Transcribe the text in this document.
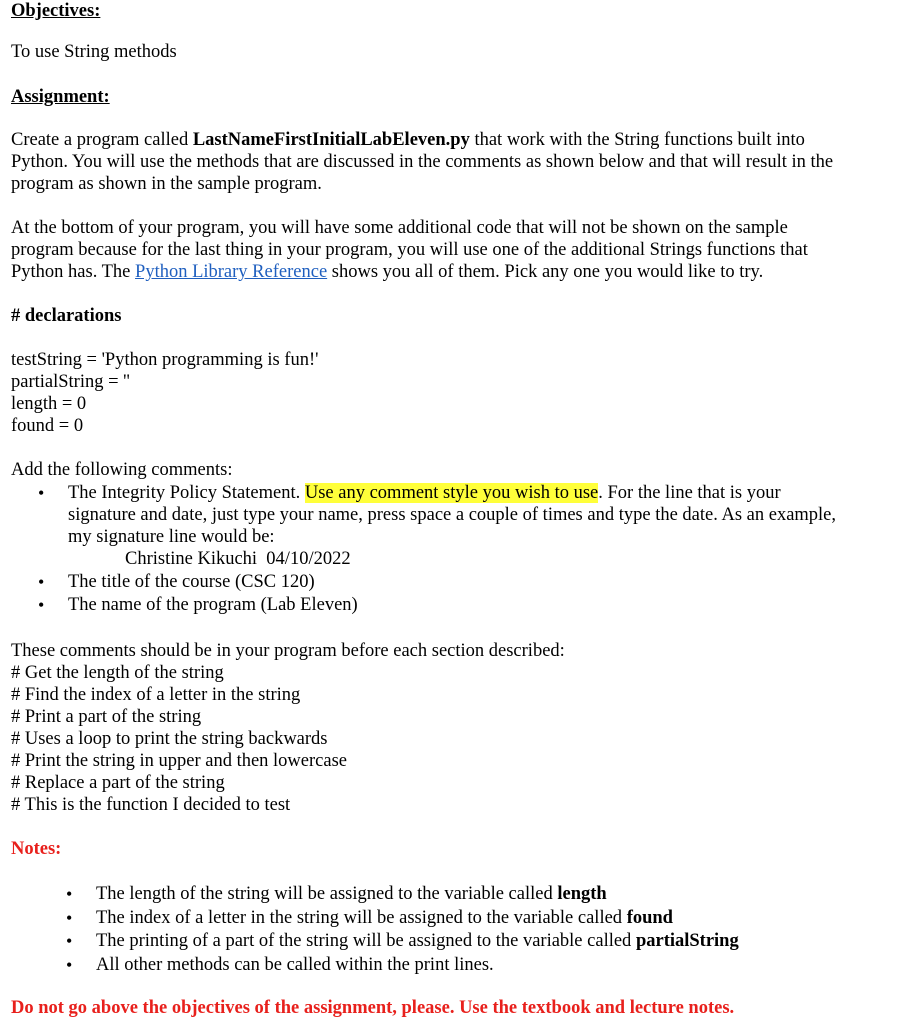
Objectives:

To use String methods

Assignment:
Create a program called LastNameFirstInitialLabEleven.py that work with the String functions built into
Python. You will use the methods that are discussed in the comments as shown below and that will result in the
program as shown in the sample program.
At the bottom of your program, you will have some additional code that will not be shown on the sample
program because for the last thing in your program, you will use one of the additional Strings functions that
Python has. The Python Library Reference shows you all of them. Pick any one you would like to try.
# declarations
testString = 'Python programming is fun!'
partialString = ''
length = 0
found = 0
Add the following comments:
• The Integrity Policy Statement. Use any comment style you wish to use. For the line that is your
signature and date, just type your name, press space a couple of times and type the date. As an example,
my signature line would be:
Christine Kikuchi  04/10/2022
• The title of the course (CSC 120)
• The name of the program (Lab Eleven)
These comments should be in your program before each section described:
# Get the length of the string
# Find the index of a letter in the string
# Print a part of the string
# Uses a loop to print the string backwards
# Print the string in upper and then lowercase
# Replace a part of the string
# This is the function I decided to test
Notes:
• The length of the string will be assigned to the variable called length
• The index of a letter in the string will be assigned to the variable called found
• The printing of a part of the string will be assigned to the variable called partialString
• All other methods can be called within the print lines.
Do not go above the objectives of the assignment, please. Use the textbook and lecture notes.
